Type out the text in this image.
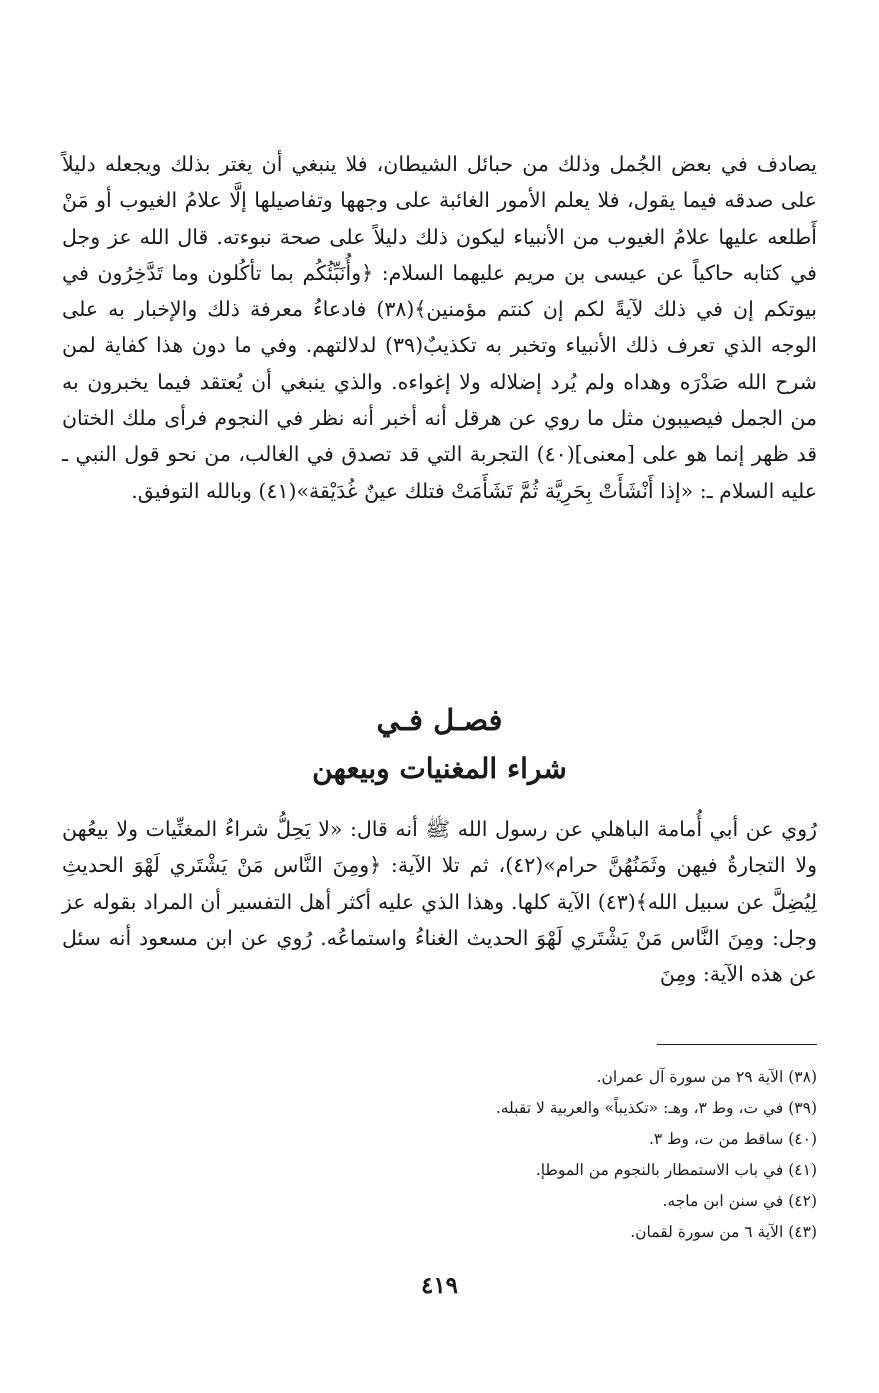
يصادف في بعض الجُمل وذلك من حبائل الشيطان، فلا ينبغي أن يغتر بذلك ويجعله دليلاً على صدقه فيما يقول، فلا يعلم الأمور الغائبة على وجهها وتفاصيلها إلَّا علامُ الغيوب أو مَنْ أَطلعه عليها علامُ الغيوب من الأنبياء ليكون ذلك دليلاً على صحة نبوءته. قال الله عز وجل في كتابه حاكياً عن عيسى بن مريم عليهما السلام: ﴿وأُنَبِّئُكُم بما تأكُلون وما تَدَّخِرُون في بيوتكم إن في ذلك لآيةً لكم إن كنتم مؤمنين﴾(٣٨) فادعاءُ معرفة ذلك والإخبار به على الوجه الذي تعرف ذلك الأنبياء وتخبر به تكذيبٌ(٣٩) لدلالتهم. وفي ما دون هذا كفاية لمن شرح الله صَدْرَه وهداه ولم يُرد إضلاله ولا إغواءه. والذي ينبغي أن يُعتقد فيما يخبرون به من الجمل فيصيبون مثل ما روي عن هرقل أنه أخبر أنه نظر في النجوم فرأى ملك الختان قد ظهر إنما هو على [معنى](٤٠) التجربة التي قد تصدق في الغالب، من نحو قول النبي ـ عليه السلام ـ: «إذا أَنْشَأَتْ بِحَرِيَّة ثُمَّ تَشَأَمَتْ فتلك عينٌ غُدَيْقة»(٤١) وبالله التوفيق.

فصـل فـي
شراء المغنيات وبيعهن

رُوي عن أبي أُمامة الباهلي عن رسول الله ﷺ أنه قال: «لا يَحِلُّ شراءُ المغنِّيات ولا بيعُهن ولا التجارةُ فيهن وثَمَنُهُنَّ حرام»(٤٢)، ثم تلا الآية: ﴿ومِنَ النَّاس مَنْ يَشْتَري لَهْوَ الحديثِ لِيُضِلَّ عن سبيل الله﴾(٤٣) الآية كلها. وهذا الذي عليه أكثر أهل التفسير أن المراد بقوله عز وجل: ومِنَ النَّاس مَنْ يَشْتَري لَهْوَ الحديث الغناءُ واستماعُه. رُوي عن ابن مسعود أنه سئل عن هذه الآية: ومِنَ

(٣٨) الآية ٢٩ من سورة آل عمران.
(٣٩) في ت، وط ٣، وهـ: «تكذيباً» والعربية لا تقبله.
(٤٠) ساقط من ت، وط ٣.
(٤١) في باب الاستمطار بالنجوم من الموطإ.
(٤٢) في سنن ابن ماجه.
(٤٣) الآية ٦ من سورة لقمان.
٤١٩
